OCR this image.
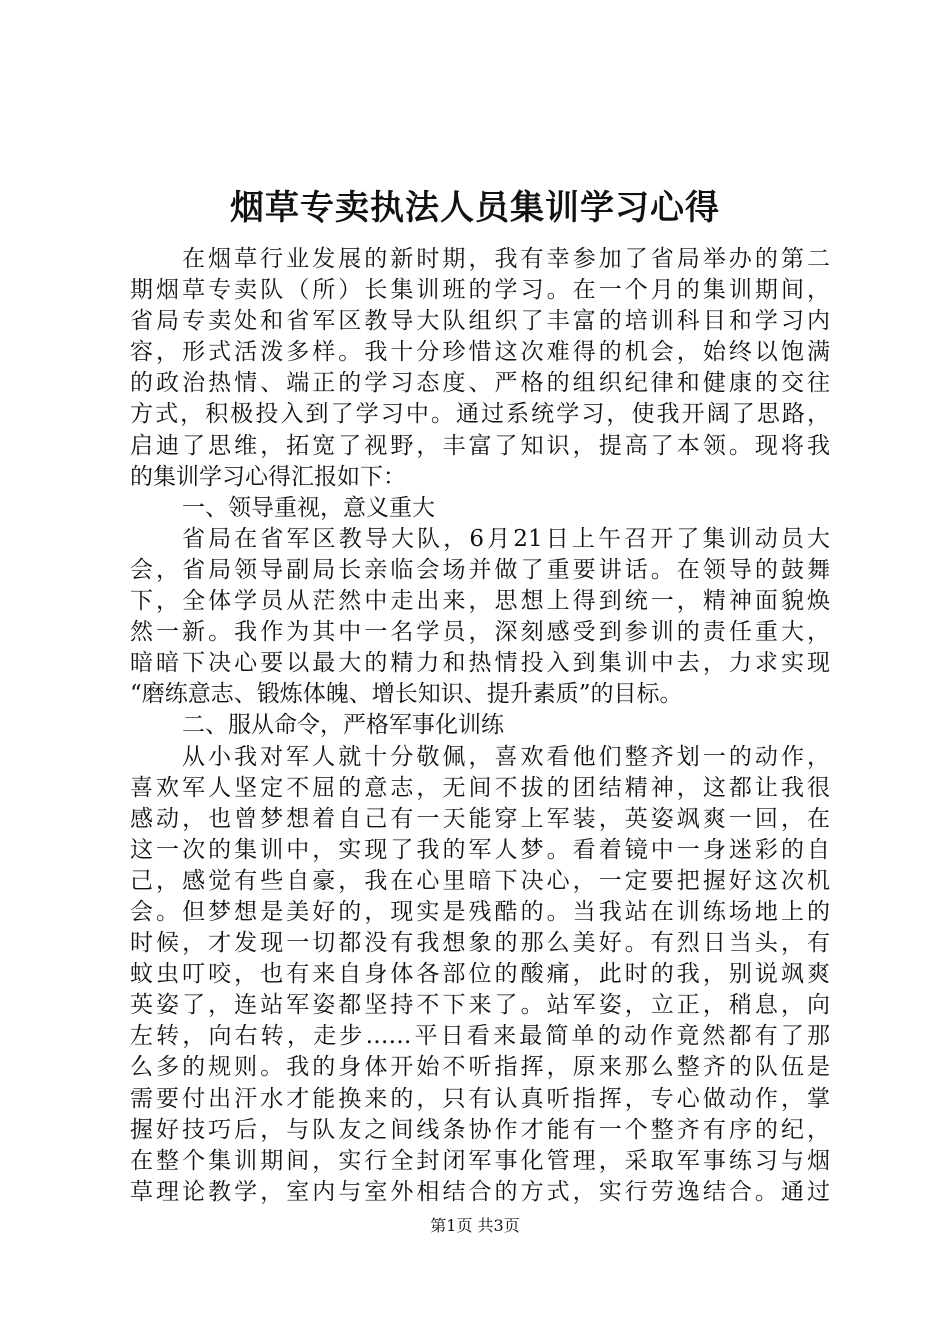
烟草专卖执法人员集训学习心得
在烟草行业发展的新时期，我有幸参加了省局举办的第二
期烟草专卖队（所）长集训班的学习。在一个月的集训期间，
省局专卖处和省军区教导大队组织了丰富的培训科目和学习内
容，形式活泼多样。我十分珍惜这次难得的机会，始终以饱满
的政治热情、端正的学习态度、严格的组织纪律和健康的交往
方式，积极投入到了学习中。通过系统学习，使我开阔了思路，
启迪了思维，拓宽了视野，丰富了知识，提高了本领。现将我
的集训学习心得汇报如下：
一、领导重视，意义重大
省局在省军区教导大队，6月21日上午召开了集训动员大
会，省局领导副局长亲临会场并做了重要讲话。在领导的鼓舞
下，全体学员从茫然中走出来，思想上得到统一，精神面貌焕
然一新。我作为其中一名学员，深刻感受到参训的责任重大，
暗暗下决心要以最大的精力和热情投入到集训中去，力求实现
“磨练意志、锻炼体魄、增长知识、提升素质”的目标。
二、服从命令，严格军事化训练
从小我对军人就十分敬佩，喜欢看他们整齐划一的动作，
喜欢军人坚定不屈的意志，无间不拔的团结精神，这都让我很
感动，也曾梦想着自己有一天能穿上军装，英姿飒爽一回，在
这一次的集训中，实现了我的军人梦。看着镜中一身迷彩的自
己，感觉有些自豪，我在心里暗下决心，一定要把握好这次机
会。但梦想是美好的，现实是残酷的。当我站在训练场地上的
时候，才发现一切都没有我想象的那么美好。有烈日当头，有
蚊虫叮咬，也有来自身体各部位的酸痛，此时的我，别说飒爽
英姿了，连站军姿都坚持不下来了。站军姿，立正，稍息，向
左转，向右转，走步……平日看来最简单的动作竟然都有了那
么多的规则。我的身体开始不听指挥，原来那么整齐的队伍是
需要付出汗水才能换来的，只有认真听指挥，专心做动作，掌
握好技巧后，与队友之间线条协作才能有一个整齐有序的纪，
在整个集训期间，实行全封闭军事化管理，采取军事练习与烟
草理论教学，室内与室外相结合的方式，实行劳逸结合。通过
第1页 共3页
